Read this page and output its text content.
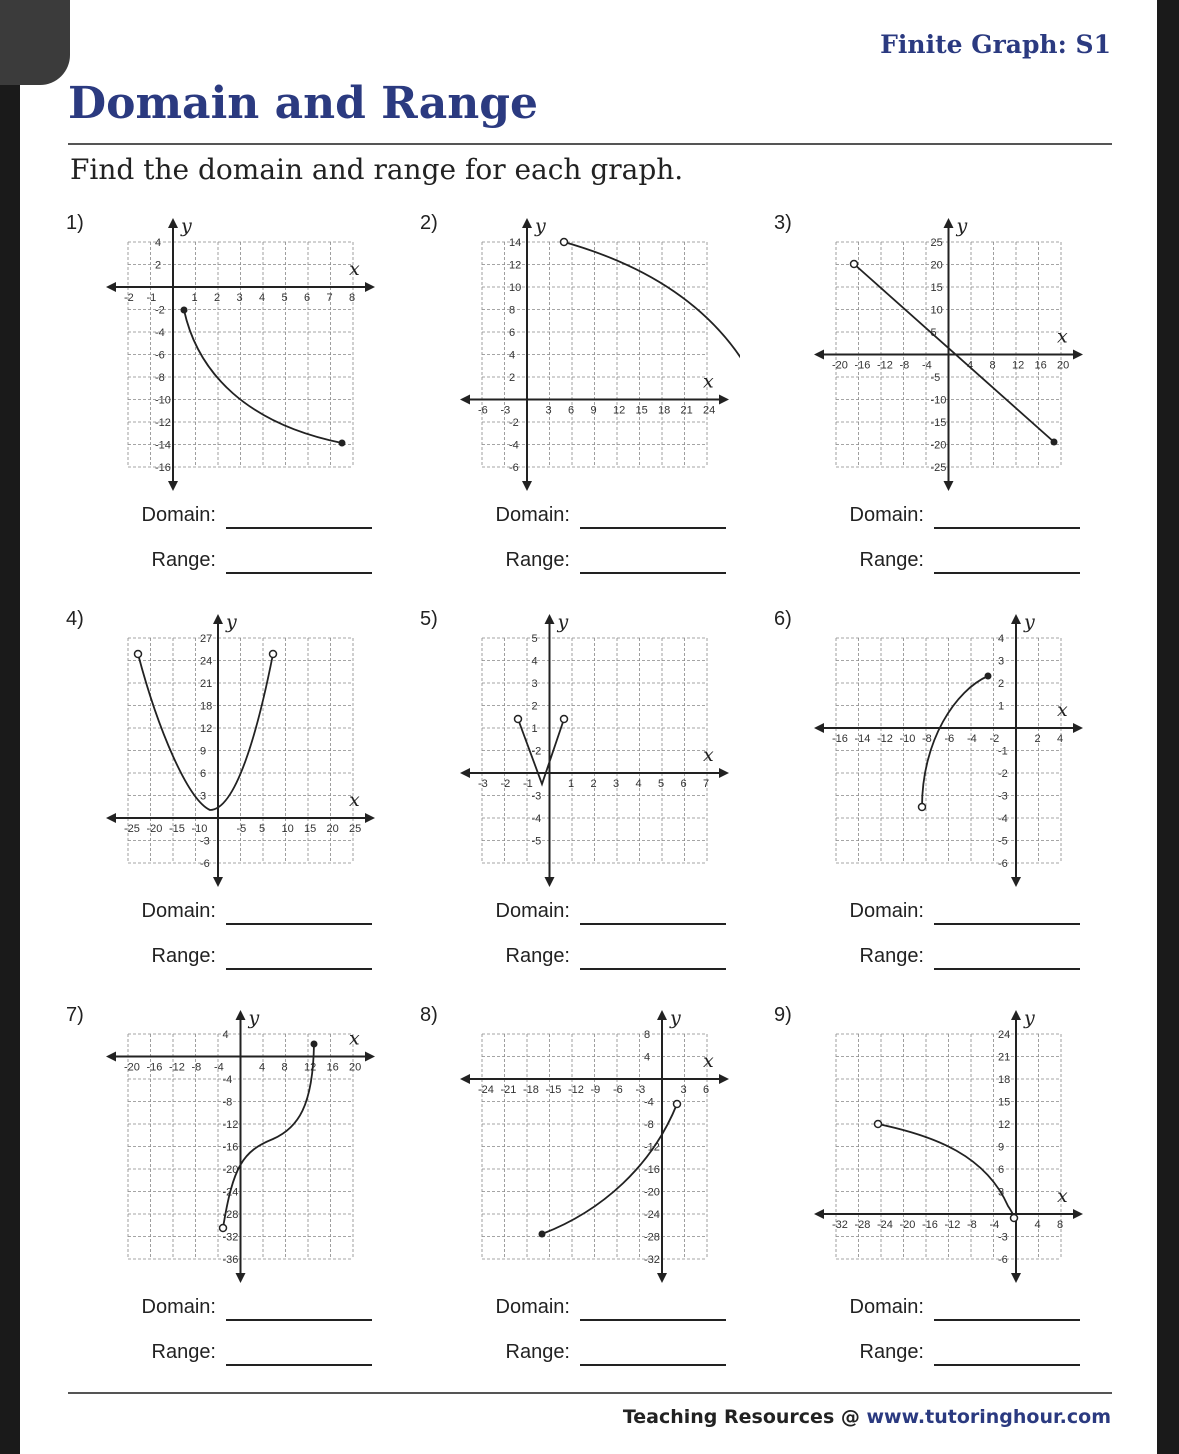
Finite Graph: S1
Domain and Range
Find the domain and range for each graph.
1)
x
y
-2 -1	1 2 3 4 5 6 7 8
4
2
-2
-4
-6
-8
-10
-12
-14
-16
Domain:
Range:
2)
x
y
-6 -3	3 6 9 12 15 18 21 24
14
12
10
8
6
4
2
-2
-4
-6
Domain:
Range:
3)
x
y
-20 -16 -12 -8 -4	4 8 12 16 20
25
20
15
10
5
-5
-10
-15
-20
-25
Domain:
Range:
4)
x
y
-25 -20 -15 -10	-5 5 10 15 20 25
27
24
21
18
12
9
6
3
-3
-6
Domain:
Range:
5)
x
y
-3 -2 -1	1 2 3 4 5 6 7
5
4
3
2
1
-2
-3
-4
-5
Domain:
Range:
6)
x
y
-16 -14 -12 -10 -8 -6 -4 -2	2 4
4
3
2
1
-1
-2
-3
-4
-5
-6
Domain:
Range:
7)
x
y
-20 -16 -12 -8 -4	4 8 12 16 20
4
-4
-8
-12
-16
-20
-24
-28
-32
-36
Domain:
Range:
8)
x
y
-24 -21 -18 -15 -12 -9 -6 -3	3 6
8
4
-4
-8
-12
-16
-20
-24
-28
-32
Domain:
Range:
9)
x
y
-32 -28 -24 -20 -16 -12 -8 -4	4 8
24
21
18
15
12
9
6
3
-3
-6
Domain:
Range:
Teaching Resources @ www.tutoringhour.com
